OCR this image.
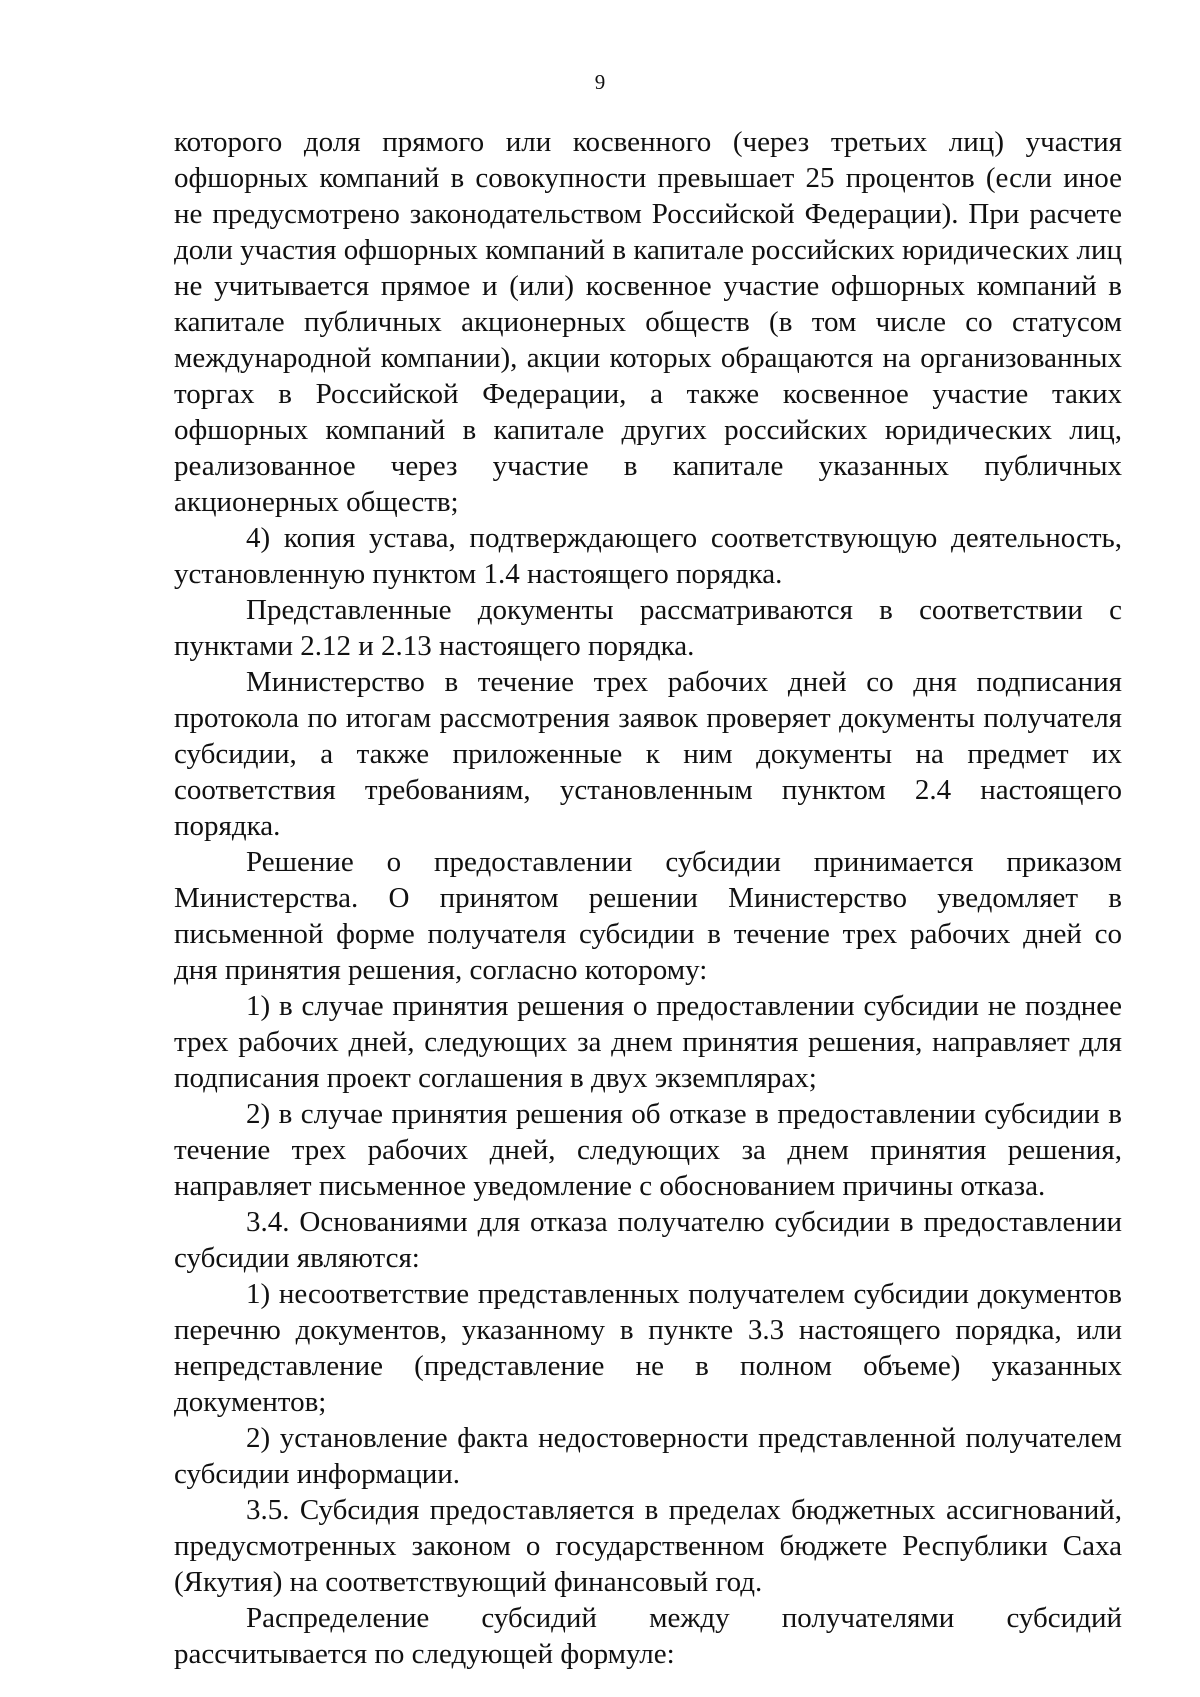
9

которого доля прямого или косвенного (через третьих лиц) участия офшорных компаний в совокупности превышает 25 процентов (если иное не предусмотрено законодательством Российской Федерации). При расчете доли участия офшорных компаний в капитале российских юридических лиц не учитывается прямое и (или) косвенное участие офшорных компаний в капитале публичных акционерных обществ (в том числе со статусом международной компании), акции которых обращаются на организованных торгах в Российской Федерации, а также косвенное участие таких офшорных компаний в капитале других российских юридических лиц, реализованное через участие в капитале указанных публичных акционерных обществ;

4) копия устава, подтверждающего соответствующую деятельность, установленную пунктом 1.4 настоящего порядка.

Представленные документы рассматриваются в соответствии с пунктами 2.12 и 2.13 настоящего порядка.

Министерство в течение трех рабочих дней со дня подписания протокола по итогам рассмотрения заявок проверяет документы получателя субсидии, а также приложенные к ним документы на предмет их соответствия требованиям, установленным пунктом 2.4 настоящего порядка.

Решение о предоставлении субсидии принимается приказом Министерства. О принятом решении Министерство уведомляет в письменной форме получателя субсидии в течение трех рабочих дней со дня принятия решения, согласно которому:

1) в случае принятия решения о предоставлении субсидии не позднее трех рабочих дней, следующих за днем принятия решения, направляет для подписания проект соглашения в двух экземплярах;

2) в случае принятия решения об отказе в предоставлении субсидии в течение трех рабочих дней, следующих за днем принятия решения, направляет письменное уведомление с обоснованием причины отказа.

3.4. Основаниями для отказа получателю субсидии в предоставлении субсидии являются:

1) несоответствие представленных получателем субсидии документов перечню документов, указанному в пункте 3.3 настоящего порядка, или непредставление (представление не в полном объеме) указанных документов;

2) установление факта недостоверности представленной получателем субсидии информации.

3.5. Субсидия предоставляется в пределах бюджетных ассигнований, предусмотренных законом о государственном бюджете Республики Саха (Якутия) на соответствующий финансовый год.

Распределение субсидий между получателями субсидий рассчитывается по следующей формуле:
